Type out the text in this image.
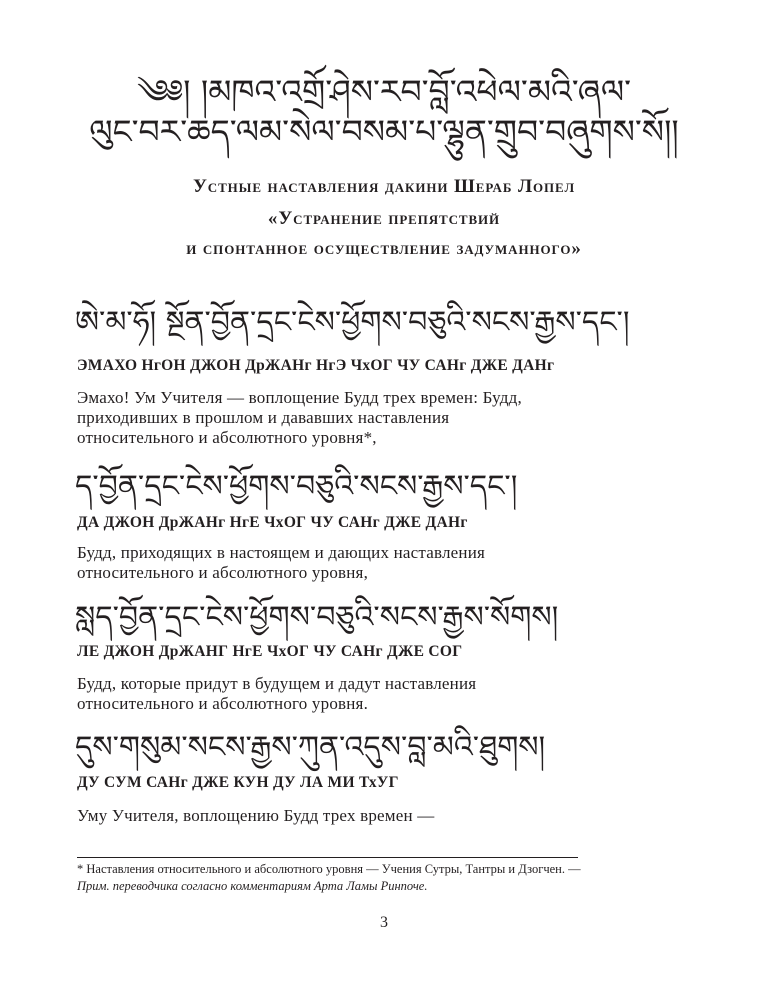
༄༅། །མཁའ་འགྲོ་ཤེས་རབ་བློ་འཕེལ་མའི་ཞལ་
ལུང་བར་ཆད་ལམ་སེལ་བསམ་པ་ལྷུན་གྲུབ་བཞུགས་སོ།།
Устные наставления дакини Шераб Лопел
«Устранение препятствий
и спонтанное осуществление задуманного»
ཨེ་མ་ཧོ། སྔོན་བྱོན་དྲང་ངེས་ཕྱོགས་བཅུའི་སངས་རྒྱས་དང་།
ЭМАХО НгОН ДЖОН ДрЖАНг НгЭ ЧхОГ ЧУ САНг ДЖЕ ДАНг
Эмахо! Ум Учителя — воплощение Будд трех времен: Будд,
приходивших в прошлом и дававших наставления
относительного и абсолютного уровня*,
ད་བྱོན་དྲང་ངེས་ཕྱོགས་བཅུའི་སངས་རྒྱས་དང་།
ДА ДЖОН ДрЖАНг НгЕ ЧхОГ ЧУ САНг ДЖЕ ДАНг
Будд, приходящих в настоящем и дающих наставления
относительного и абсолютного уровня,
སླད་བྱོན་དྲང་ངེས་ཕྱོགས་བཅུའི་སངས་རྒྱས་སོགས།
ЛЕ ДЖОН ДрЖАНГ НгЕ ЧхОГ ЧУ САНг ДЖЕ СОГ
Будд, которые придут в будущем и дадут наставления
относительного и абсолютного уровня.
དུས་གསུམ་སངས་རྒྱས་ཀུན་འདུས་བླ་མའི་ཐུགས།
ДУ СУМ САНг ДЖЕ КУН ДУ ЛА МИ ТхУГ
Уму Учителя, воплощению Будд трех времен —
* Наставления относительного и абсолютного уровня — Учения Сутры, Тантры и Дзогчен. —
Прим. переводчика согласно комментариям Арта Ламы Ринпоче.
3
